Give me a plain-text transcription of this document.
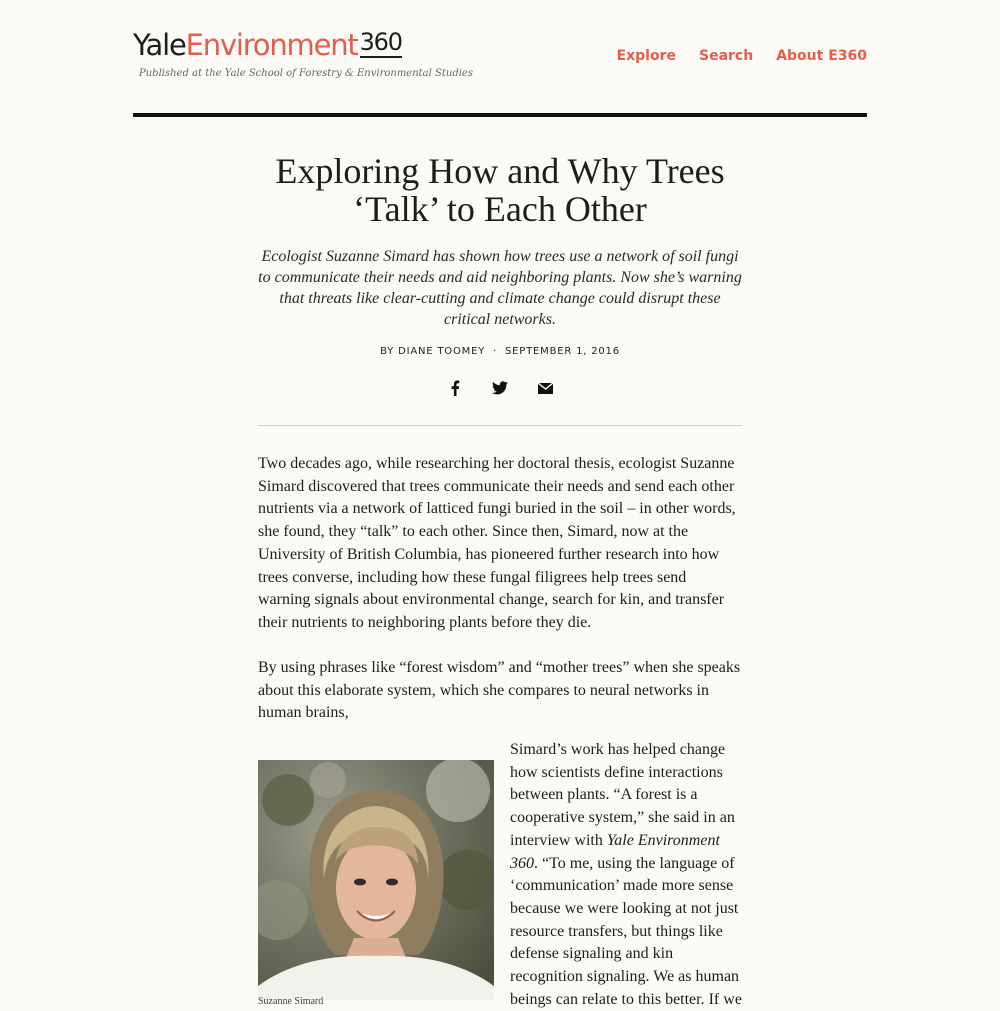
YaleEnvironment360
Published at the Yale School of Forestry & Environmental Studies
Explore Search About E360
Exploring How and Why Trees
‘Talk’ to Each Other

Ecologist Suzanne Simard has shown how trees use a network of soil fungi to communicate their needs and aid neighboring plants. Now she’s warning that threats like clear-cutting and climate change could disrupt these critical networks.

BY DIANE TOOMEY · SEPTEMBER 1, 2016

Two decades ago, while researching her doctoral thesis, ecologist Suzanne Simard discovered that trees communicate their needs and send each other nutrients via a network of latticed fungi buried in the soil – in other words, she found, they “talk” to each other. Since then, Simard, now at the University of British Columbia, has pioneered further research into how trees converse, including how these fungal filigrees help trees send warning signals about environmental change, search for kin, and transfer their nutrients to neighboring plants before they die.

By using phrases like “forest wisdom” and “mother trees” when she speaks about this elaborate system, which she compares to neural networks in human brains,

Simard’s work has helped change how scientists define interactions between plants. “A forest is a cooperative system,” she said in an interview with Yale Environment 360. “To me, using the language of ‘communication’ made more sense because we were looking at not just resource transfers, but things like defense signaling and kin recognition signaling. We as human beings can relate to this better. If we

Suzanne Simard
